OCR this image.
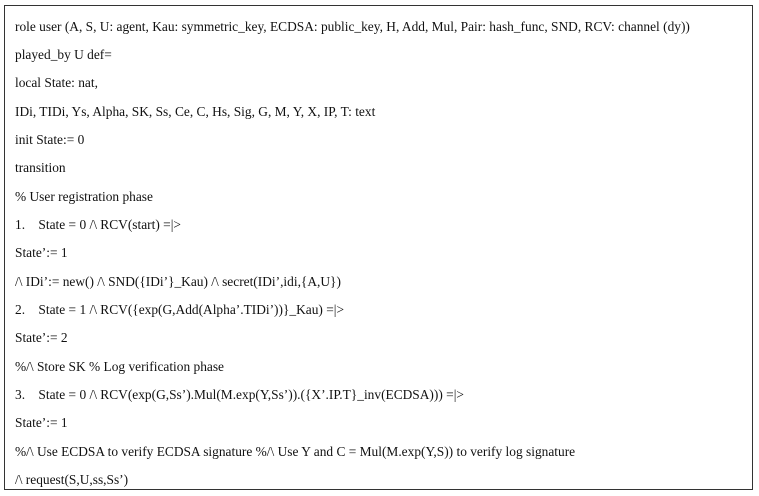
role user (A, S, U: agent, Kau: symmetric_key, ECDSA: public_key, H, Add, Mul, Pair: hash_func, SND, RCV: channel (dy))
played_by U def=
local State: nat,
IDi, TIDi, Ys, Alpha, SK, Ss, Ce, C, Hs, Sig, G, M, Y, X, IP, T: text
init State:= 0
transition
% User registration phase
1.    State = 0 /\ RCV(start) =|>
State’:= 1
/\ IDi’:= new() /\ SND({IDi’}_Kau) /\ secret(IDi’,idi,{A,U})
2.    State = 1 /\ RCV({exp(G,Add(Alpha’.TIDi’))}_Kau) =|>
State’:= 2
%/\ Store SK % Log verification phase
3.    State = 0 /\ RCV(exp(G,Ss’).Mul(M.exp(Y,Ss’)).({X’.IP.T}_inv(ECDSA))) =|>
State’:= 1
%/\ Use ECDSA to verify ECDSA signature %/\ Use Y and C = Mul(M.exp(Y,S)) to verify log signature
/\ request(S,U,ss,Ss’)
